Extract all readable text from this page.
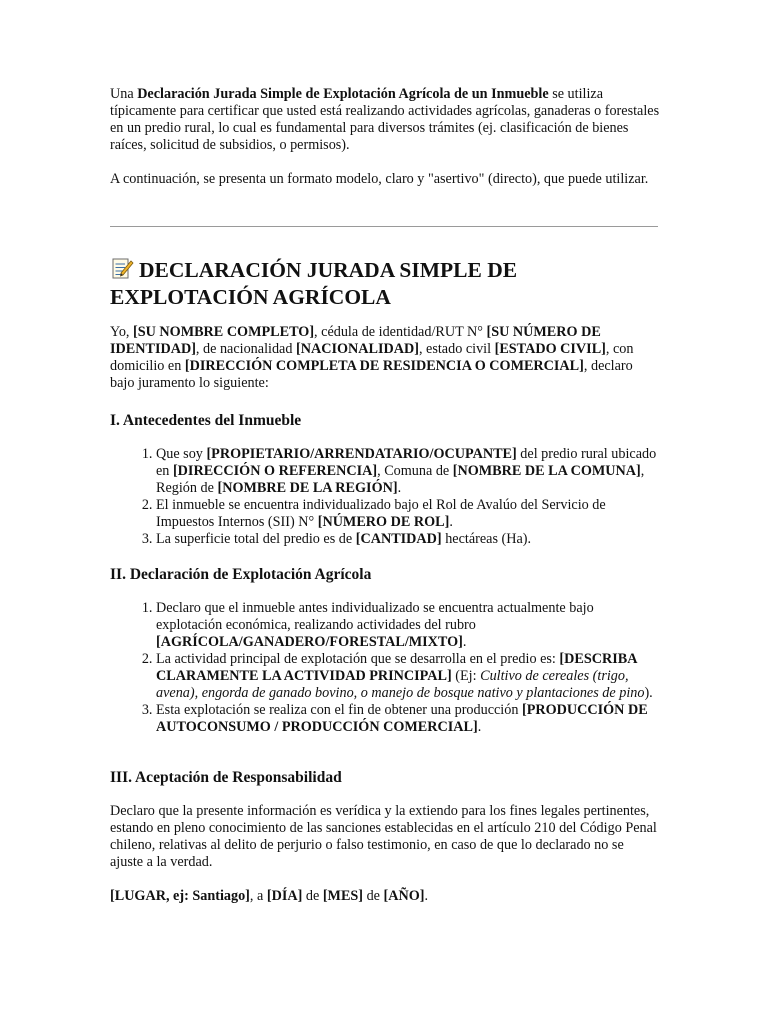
Una Declaración Jurada Simple de Explotación Agrícola de un Inmueble se utiliza típicamente para certificar que usted está realizando actividades agrícolas, ganaderas o forestales en un predio rural, lo cual es fundamental para diversos trámites (ej. clasificación de bienes raíces, solicitud de subsidios, o permisos).

A continuación, se presenta un formato modelo, claro y "asertivo" (directo), que puede utilizar.

DECLARACIÓN JURADA SIMPLE DE EXPLOTACIÓN AGRÍCOLA

Yo, [SU NOMBRE COMPLETO], cédula de identidad/RUT N° [SU NÚMERO DE IDENTIDAD], de nacionalidad [NACIONALIDAD], estado civil [ESTADO CIVIL], con domicilio en [DIRECCIÓN COMPLETA DE RESIDENCIA O COMERCIAL], declaro bajo juramento lo siguiente:

I. Antecedentes del Inmueble
1. Que soy [PROPIETARIO/ARRENDATARIO/OCUPANTE] del predio rural ubicado en [DIRECCIÓN O REFERENCIA], Comuna de [NOMBRE DE LA COMUNA], Región de [NOMBRE DE LA REGIÓN].
2. El inmueble se encuentra individualizado bajo el Rol de Avalúo del Servicio de Impuestos Internos (SII) N° [NÚMERO DE ROL].
3. La superficie total del predio es de [CANTIDAD] hectáreas (Ha).
II. Declaración de Explotación Agrícola
1. Declaro que el inmueble antes individualizado se encuentra actualmente bajo explotación económica, realizando actividades del rubro [AGRÍCOLA/GANADERO/FORESTAL/MIXTO].
2. La actividad principal de explotación que se desarrolla en el predio es: [DESCRIBA CLARAMENTE LA ACTIVIDAD PRINCIPAL] (Ej: Cultivo de cereales (trigo, avena), engorda de ganado bovino, o manejo de bosque nativo y plantaciones de pino).
3. Esta explotación se realiza con el fin de obtener una producción [PRODUCCIÓN DE AUTOCONSUMO / PRODUCCIÓN COMERCIAL].
III. Aceptación de Responsabilidad

Declaro que la presente información es verídica y la extiendo para los fines legales pertinentes, estando en pleno conocimiento de las sanciones establecidas en el artículo 210 del Código Penal chileno, relativas al delito de perjurio o falso testimonio, en caso de que lo declarado no se ajuste a la verdad.

[LUGAR, ej: Santiago], a [DÍA] de [MES] de [AÑO].
